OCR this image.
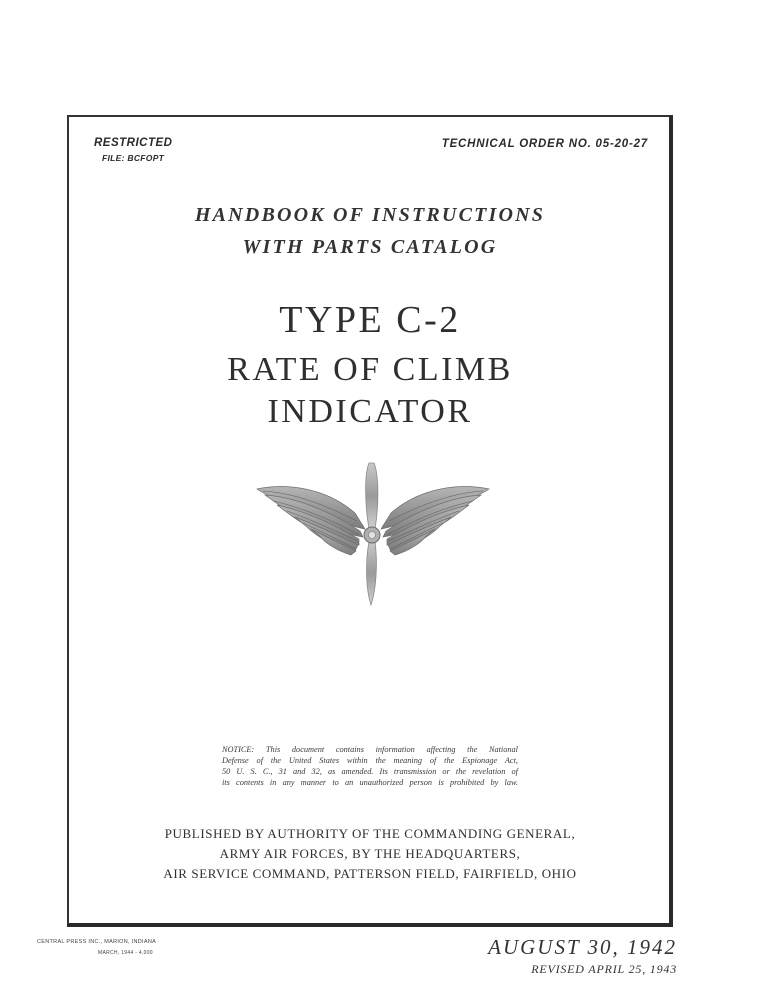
RESTRICTED
FILE: BCFOPT
TECHNICAL ORDER NO. 05-20-27
HANDBOOK OF INSTRUCTIONS
WITH PARTS CATALOG
TYPE C-2
RATE OF CLIMB
INDICATOR
NOTICE: This document contains information affecting the National
Defense of the United States within the meaning of the Espionage Act,
50 U. S. C., 31 and 32, as amended. Its transmission or the revelation of
its contents in any manner to an unauthorized person is prohibited by law.
PUBLISHED BY AUTHORITY OF THE COMMANDING GENERAL,
ARMY AIR FORCES, BY THE HEADQUARTERS,
AIR SERVICE COMMAND, PATTERSON FIELD, FAIRFIELD, OHIO
CENTRAL PRESS INC., MARION, INDIANA
MARCH, 1944 - 4,000	AUGUST 30, 1942
REVISED APRIL 25, 1943
